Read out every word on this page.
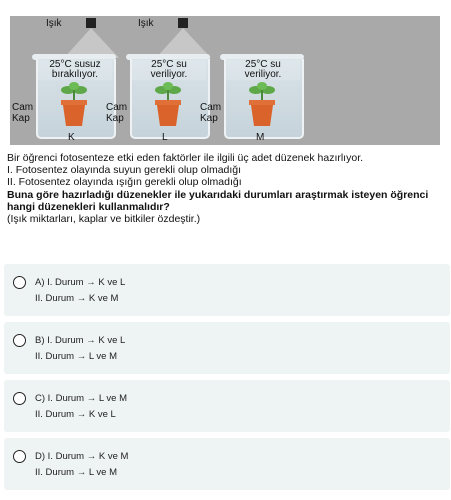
Işık	Işık
25°C susuz bırakılıyor.
K
Cam Kap
25°C su veriliyor.
L
Cam Kap
25°C su veriliyor.
M
Cam Kap
Bir öğrenci fotosenteze etki eden faktörler ile ilgili üç adet düzenek hazırlıyor.
I. Fotosentez olayında suyun gerekli olup olmadığı
II. Fotosentez olayında ışığın gerekli olup olmadığı
Buna göre hazırladığı düzenekler ile yukarıdaki durumları araştırmak isteyen öğrenci hangi düzenekleri kullanmalıdır?
(Işık miktarları, kaplar ve bitkiler özdeştir.)
A) I. Durum → K ve L
II. Durum → K ve M
B) I. Durum → K ve L
II. Durum → L ve M
C) I. Durum → L ve M
II. Durum → K ve L
D) I. Durum → K ve M
II. Durum → L ve M
